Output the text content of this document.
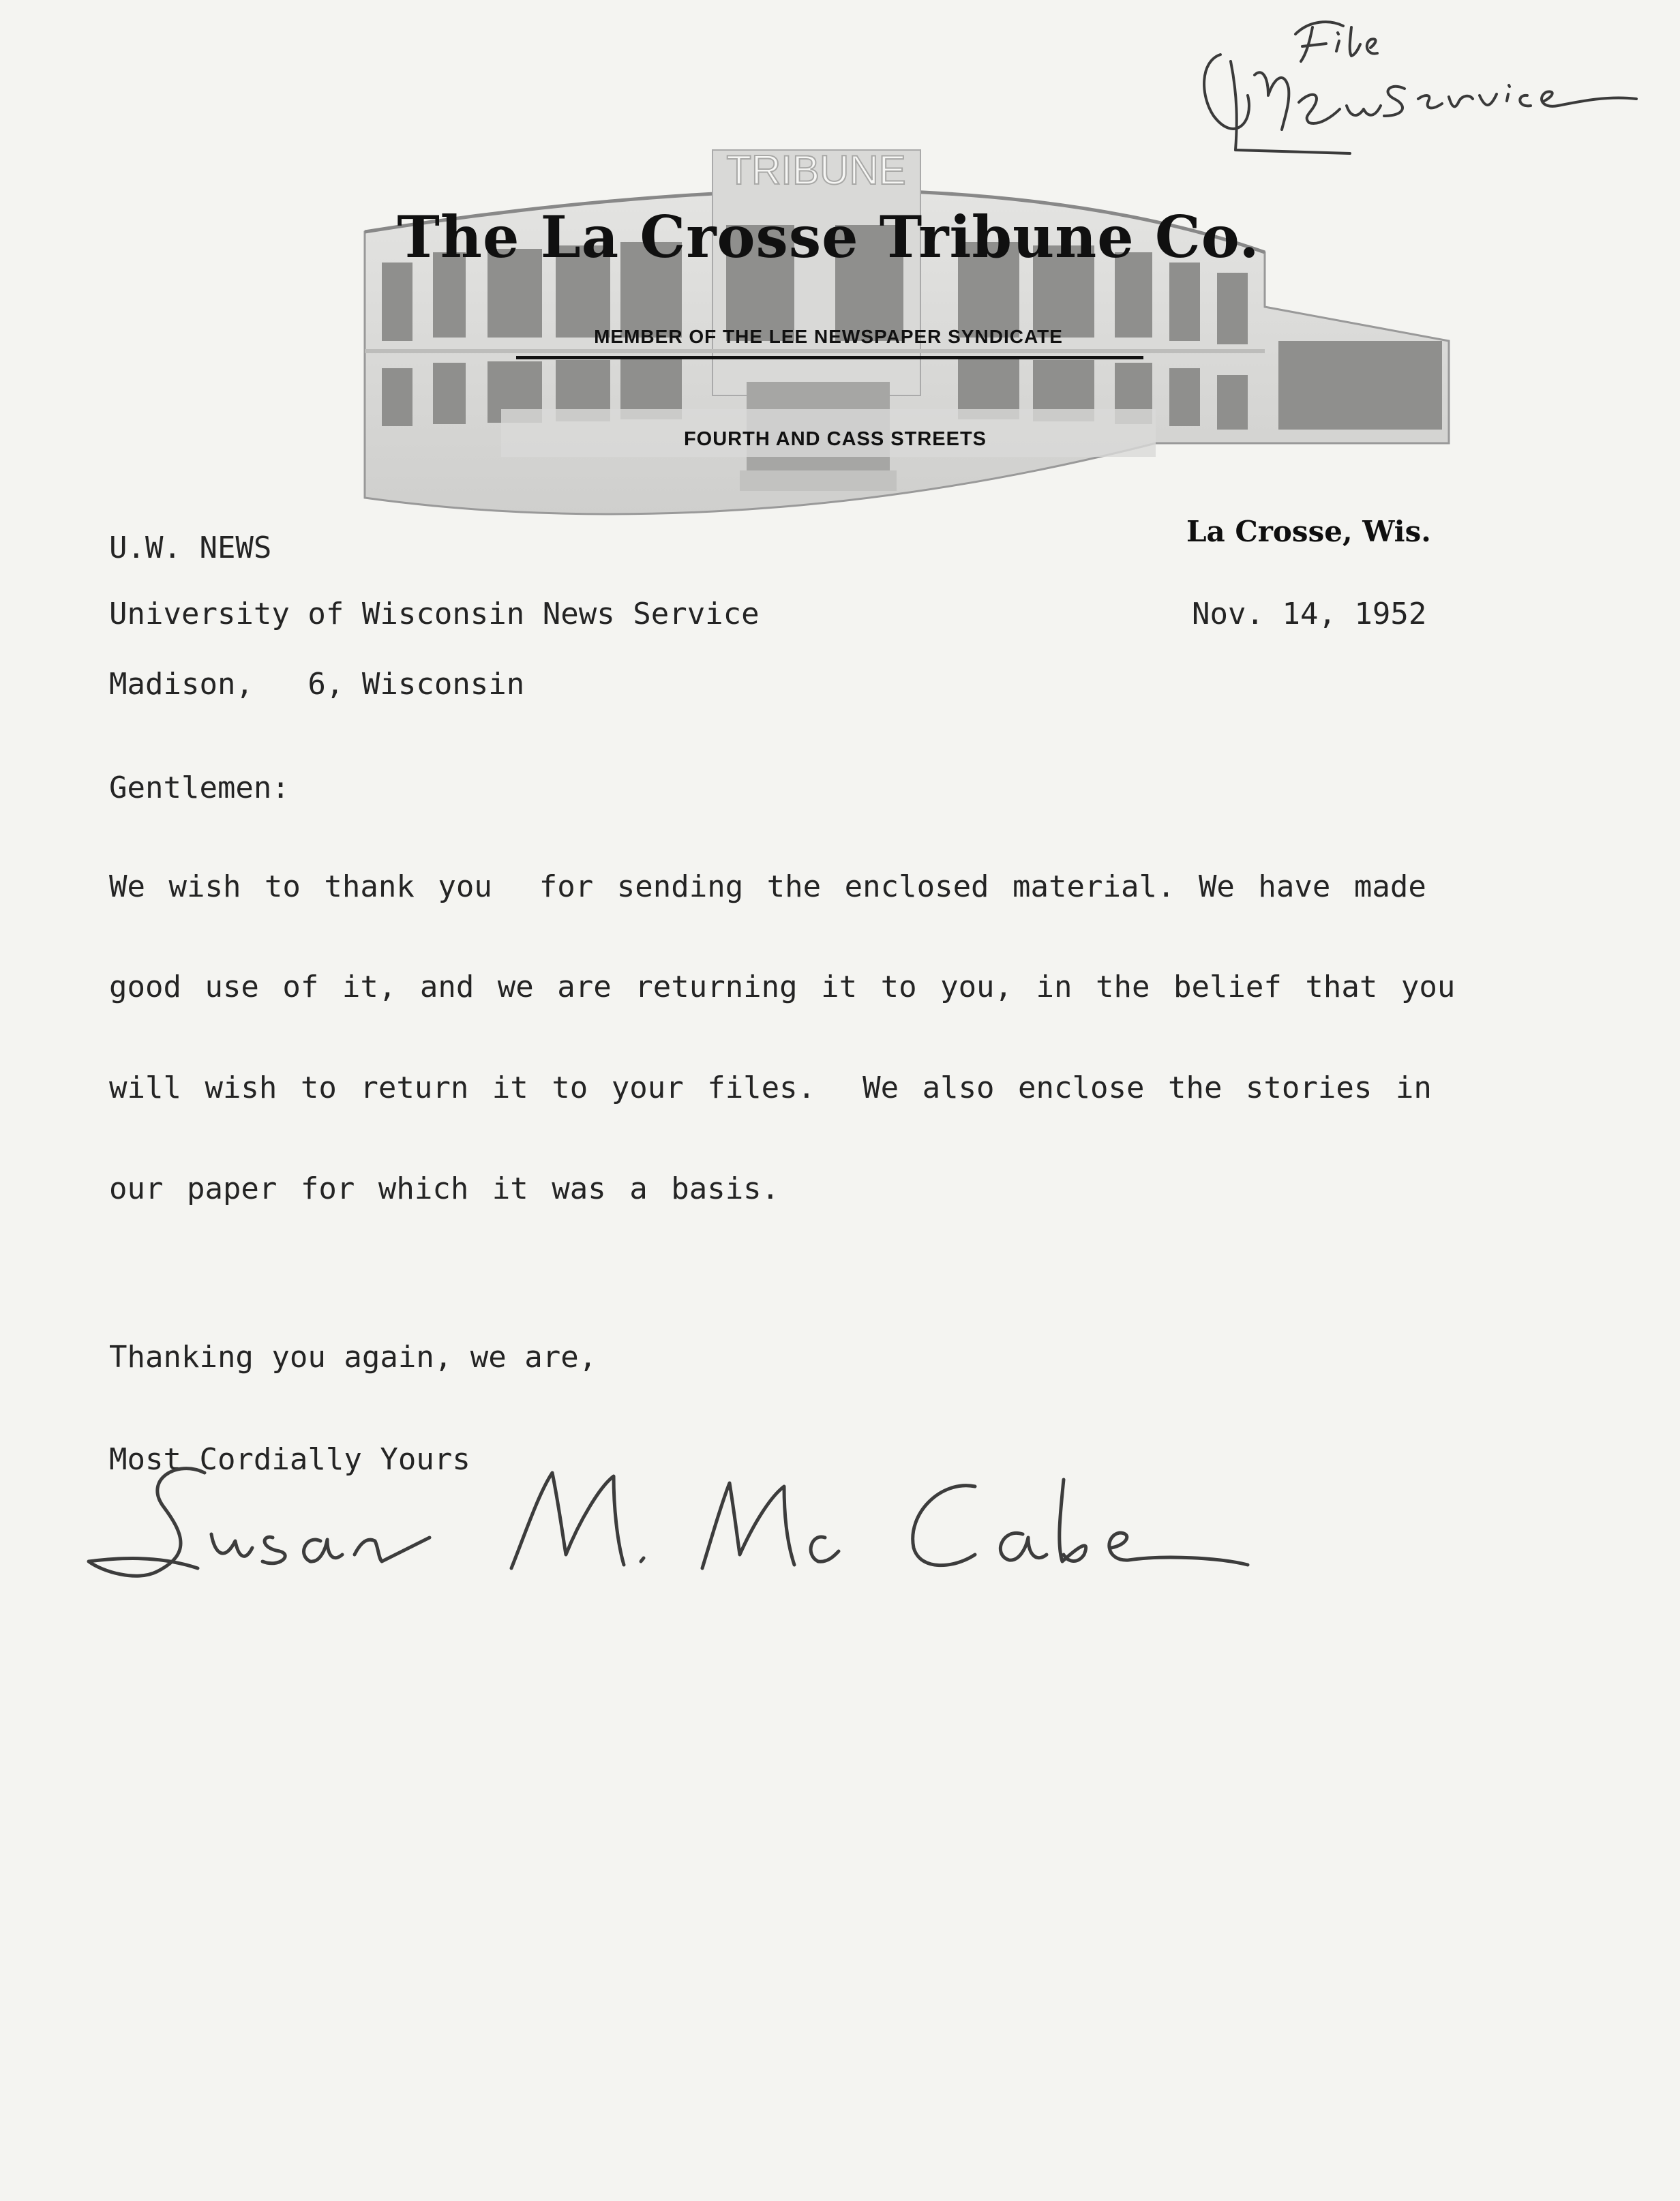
File
TRIBUNE
The La Crosse Tribune Co.
MEMBER OF THE LEE NEWSPAPER SYNDICATE
FOURTH AND CASS STREETS
U.W. NEWS
University of Wisconsin News Service
Madison,   6, Wisconsin
La Crosse, Wis.
Nov. 14, 1952
Gentlemen:
We wish to thank you  for sending the enclosed material. We have made
good use of it, and we are returning it to you, in the belief that you
will wish to return it to your files.  We also enclose the stories in
our paper for which it was a basis.
Thanking you again, we are,
Most Cordially Yours
Susan M. McCabe
